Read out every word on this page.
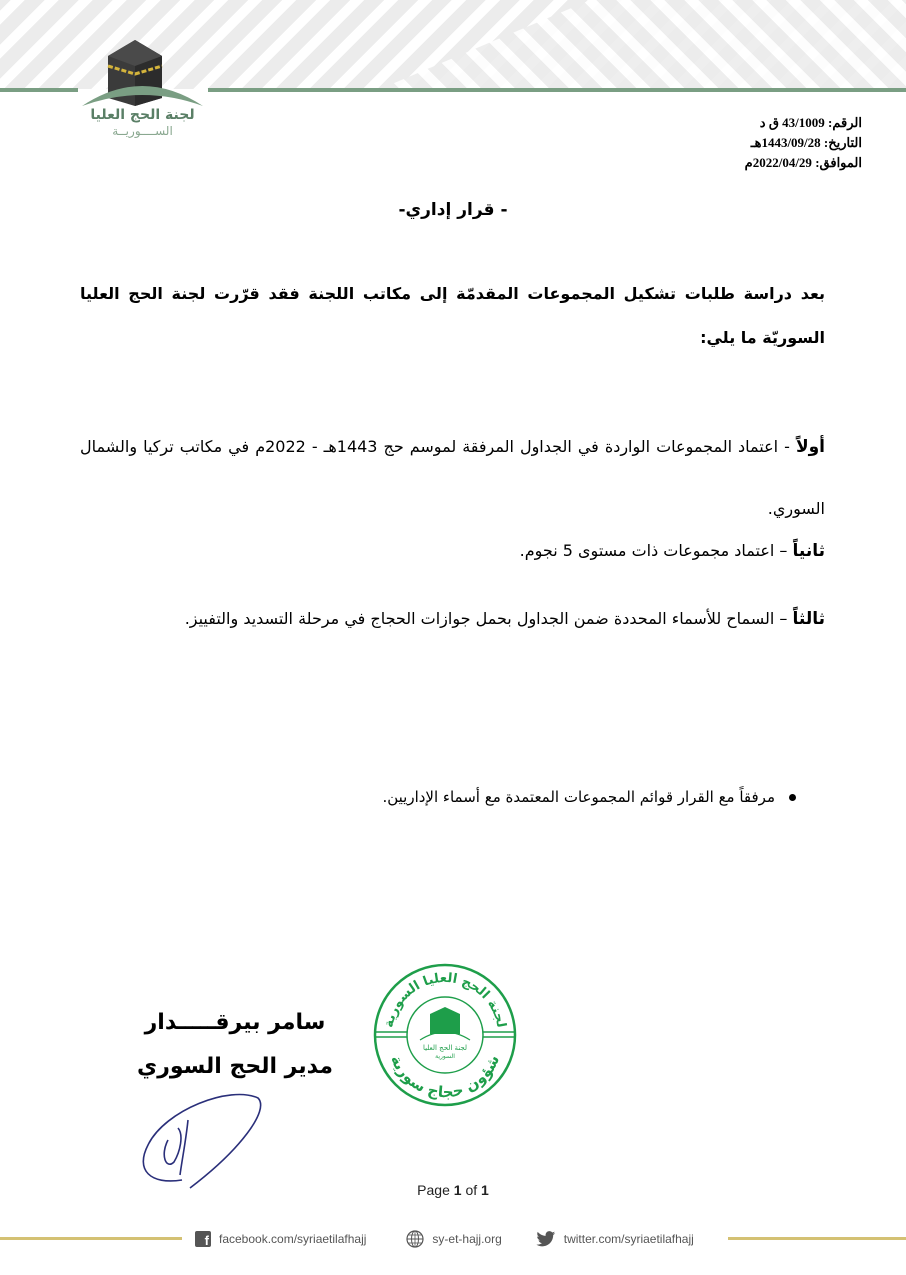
لجنة الحج العليا
الســــوريــة
الرقم: 43/1009 ق د
التاريخ: 1443/09/28هـ
الموافق: 2022/04/29م
- قرار إداري-
بعد دراسة طلبات تشكيل المجموعات المقدمّة إلى مكاتب اللجنة فقد قرّرت لجنة الحج العليا السوريّة ما يلي:
أولاً - اعتماد المجموعات الواردة في الجداول المرفقة لموسم حج 1443هـ - 2022م في مكاتب تركيا والشمال السوري.
ثانياً – اعتماد مجموعات ذات مستوى 5 نجوم.
ثالثاً – السماح للأسماء المحددة ضمن الجداول بحمل جوازات الحجاج في مرحلة التسديد والتفييز.
مرفقاً مع القرار قوائم المجموعات المعتمدة مع أسماء الإداريين.
سامر بيرقـــــدار
مدير الحج السوري
لجنة الحج العليا
السورية
لجنة الحج العليا السورية
شؤون حجاج سورية
Page 1 of 1
f facebook.com/syriaetilafhajj	sy-et-hajj.org	twitter.com/syriaetilafhajj
